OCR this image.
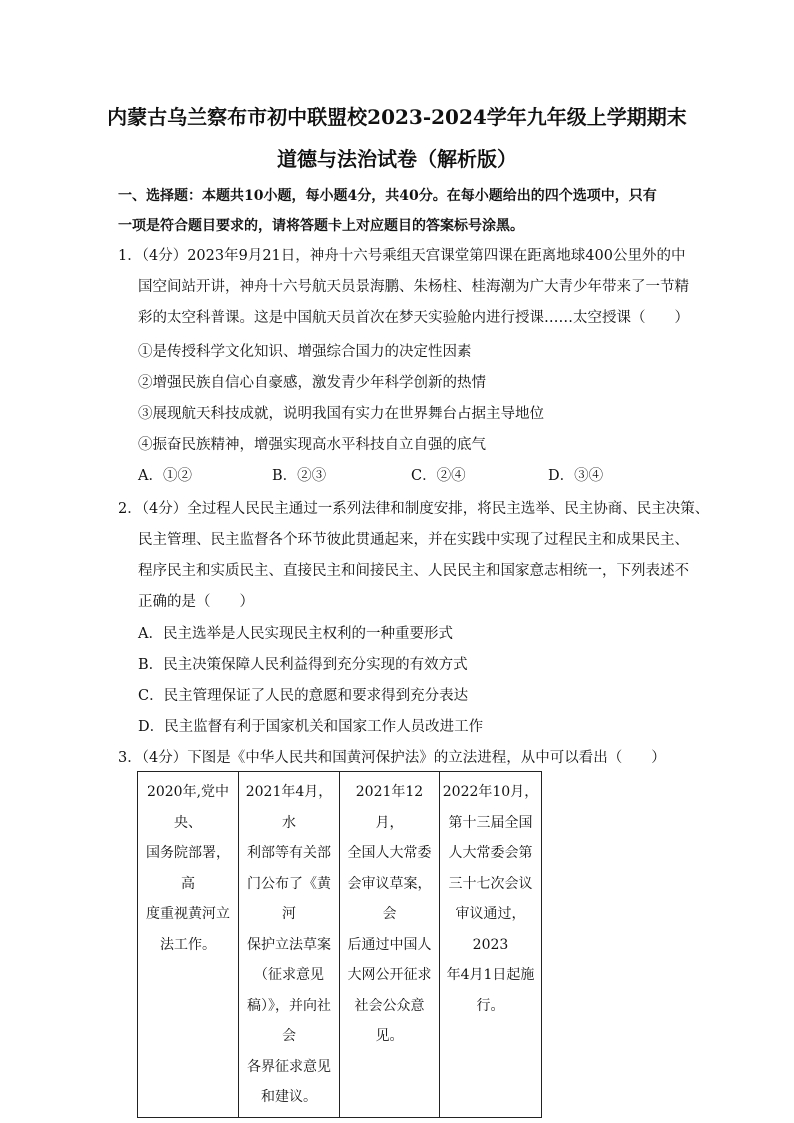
内蒙古乌兰察布市初中联盟校2023-2024学年九年级上学期期末
道德与法治试卷（解析版）
一、选择题：本题共10小题，每小题4分，共40分。在每小题给出的四个选项中，只有
一项是符合题目要求的，请将答题卡上对应题目的答案标号涂黑。
1．（4分）2023年9月21日，神舟十六号乘组天宫课堂第四课在距离地球400公里外的中
国空间站开讲，神舟十六号航天员景海鹏、朱杨柱、桂海潮为广大青少年带来了一节精
彩的太空科普课。这是中国航天员首次在梦天实验舱内进行授课……太空授课（　　）
①是传授科学文化知识、增强综合国力的决定性因素
②增强民族自信心自豪感，激发青少年科学创新的热情
③展现航天科技成就，说明我国有实力在世界舞台占据主导地位
④振奋民族精神，增强实现高水平科技自立自强的底气
A．①②	B．②③	C．②④	D．③④
2．（4分）全过程人民民主通过一系列法律和制度安排，将民主选举、民主协商、民主决策、
民主管理、民主监督各个环节彼此贯通起来，并在实践中实现了过程民主和成果民主、
程序民主和实质民主、直接民主和间接民主、人民民主和国家意志相统一，下列表述不
正确的是（　　）
A．民主选举是人民实现民主权利的一种重要形式
B．民主决策保障人民利益得到充分实现的有效方式
C．民主管理保证了人民的意愿和要求得到充分表达
D．民主监督有利于国家机关和国家工作人员改进工作
3．（4分）下图是《中华人民共和国黄河保护法》的立法进程，从中可以看出（　　）
2020年,党中央、
国务院部署，高
度重视黄河立
法工作。

2021年4月，水
利部等有关部
门公布了《黄河
保护立法草案
（征求意见
稿）》，并向社会
各界征求意见
和建议。

2021年12月，
全国人大常委
会审议草案，会
后通过中国人
大网公开征求
社会公众意见。

2022年10月，
第十三届全国
人大常委会第
三十七次会议
审议通过，2023
年4月1日起施
行。
